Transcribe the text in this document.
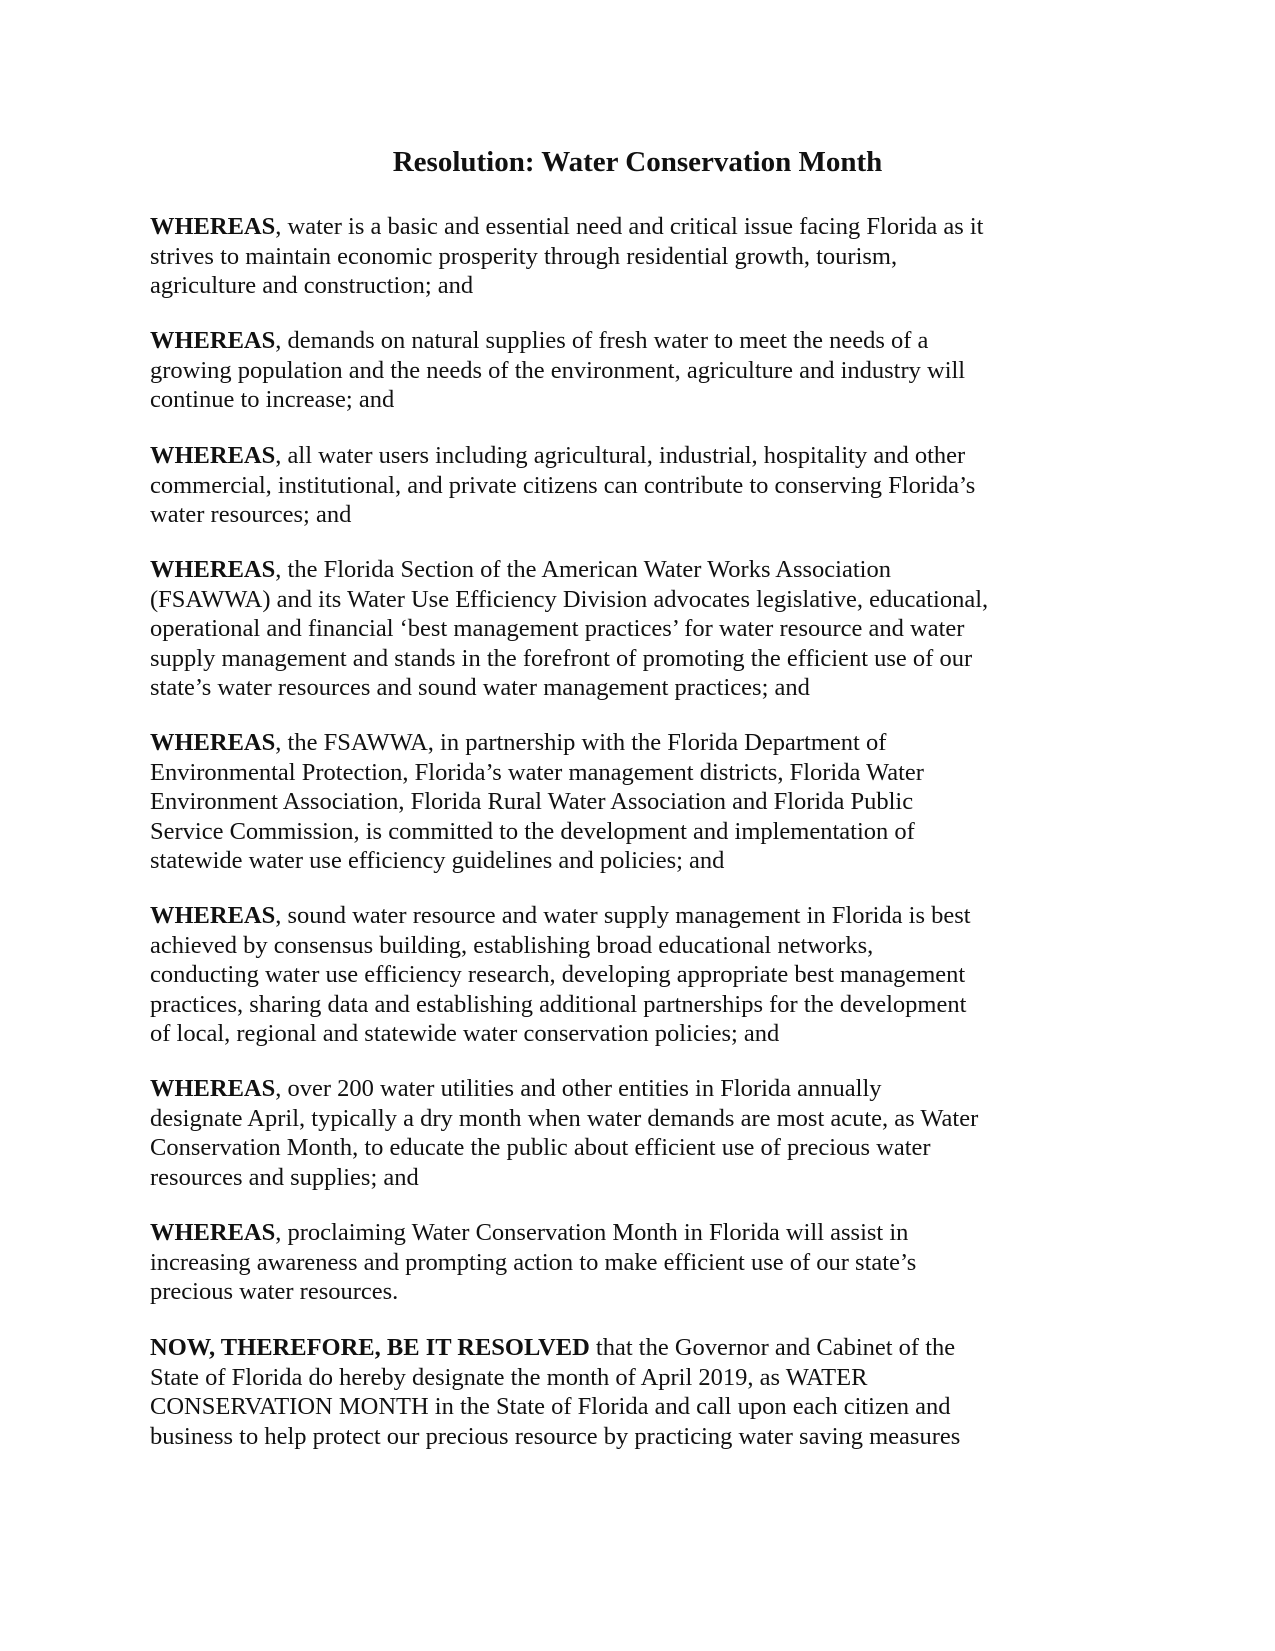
Resolution: Water Conservation Month
WHEREAS, water is a basic and essential need and critical issue facing Florida as it
strives to maintain economic prosperity through residential growth, tourism,
agriculture and construction; and
WHEREAS, demands on natural supplies of fresh water to meet the needs of a
growing population and the needs of the environment, agriculture and industry will
continue to increase; and
WHEREAS, all water users including agricultural, industrial, hospitality and other
commercial, institutional, and private citizens can contribute to conserving Florida’s
water resources; and
WHEREAS, the Florida Section of the American Water Works Association
(FSAWWA) and its Water Use Efficiency Division advocates legislative, educational,
operational and financial ‘best management practices’ for water resource and water
supply management and stands in the forefront of promoting the efficient use of our
state’s water resources and sound water management practices; and
WHEREAS, the FSAWWA, in partnership with the Florida Department of
Environmental Protection, Florida’s water management districts, Florida Water
Environment Association, Florida Rural Water Association and Florida Public
Service Commission, is committed to the development and implementation of
statewide water use efficiency guidelines and policies; and
WHEREAS, sound water resource and water supply management in Florida is best
achieved by consensus building, establishing broad educational networks,
conducting water use efficiency research, developing appropriate best management
practices, sharing data and establishing additional partnerships for the development
of local, regional and statewide water conservation policies; and
WHEREAS, over 200 water utilities and other entities in Florida annually
designate April, typically a dry month when water demands are most acute, as Water
Conservation Month, to educate the public about efficient use of precious water
resources and supplies; and
WHEREAS, proclaiming Water Conservation Month in Florida will assist in
increasing awareness and prompting action to make efficient use of our state’s
precious water resources.
NOW, THEREFORE, BE IT RESOLVED that the Governor and Cabinet of the
State of Florida do hereby designate the month of April 2019, as WATER
CONSERVATION MONTH in the State of Florida and call upon each citizen and
business to help protect our precious resource by practicing water saving measures
